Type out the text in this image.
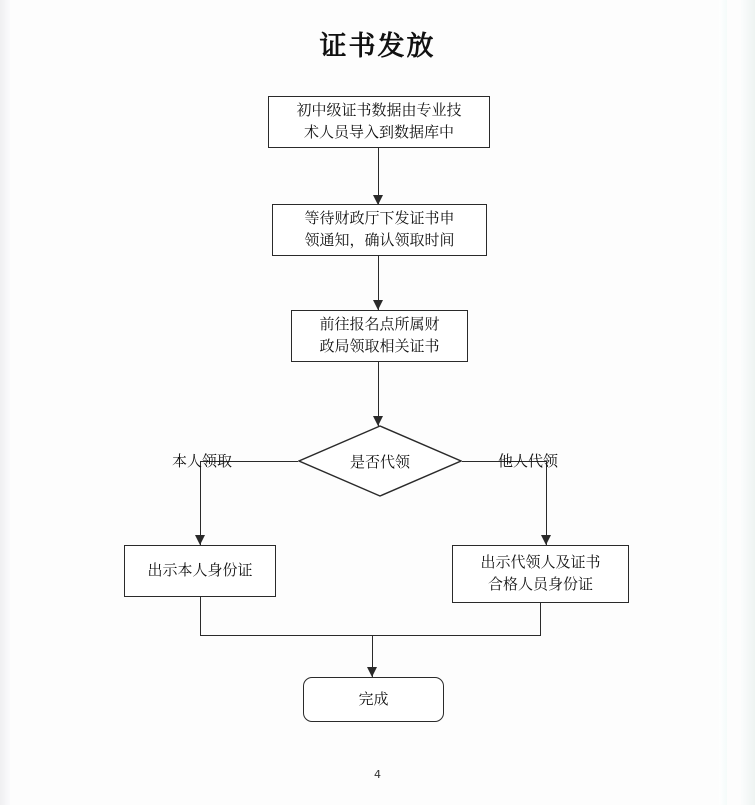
证书发放
初中级证书数据由专业技
术人员导入到数据库中
等待财政厅下发证书申
领通知，确认领取时间
前往报名点所属财
政局领取相关证书
是否代领
本人领取	他人代领
出示本人身份证	出示代领人及证书
合格人员身份证
完成
4
